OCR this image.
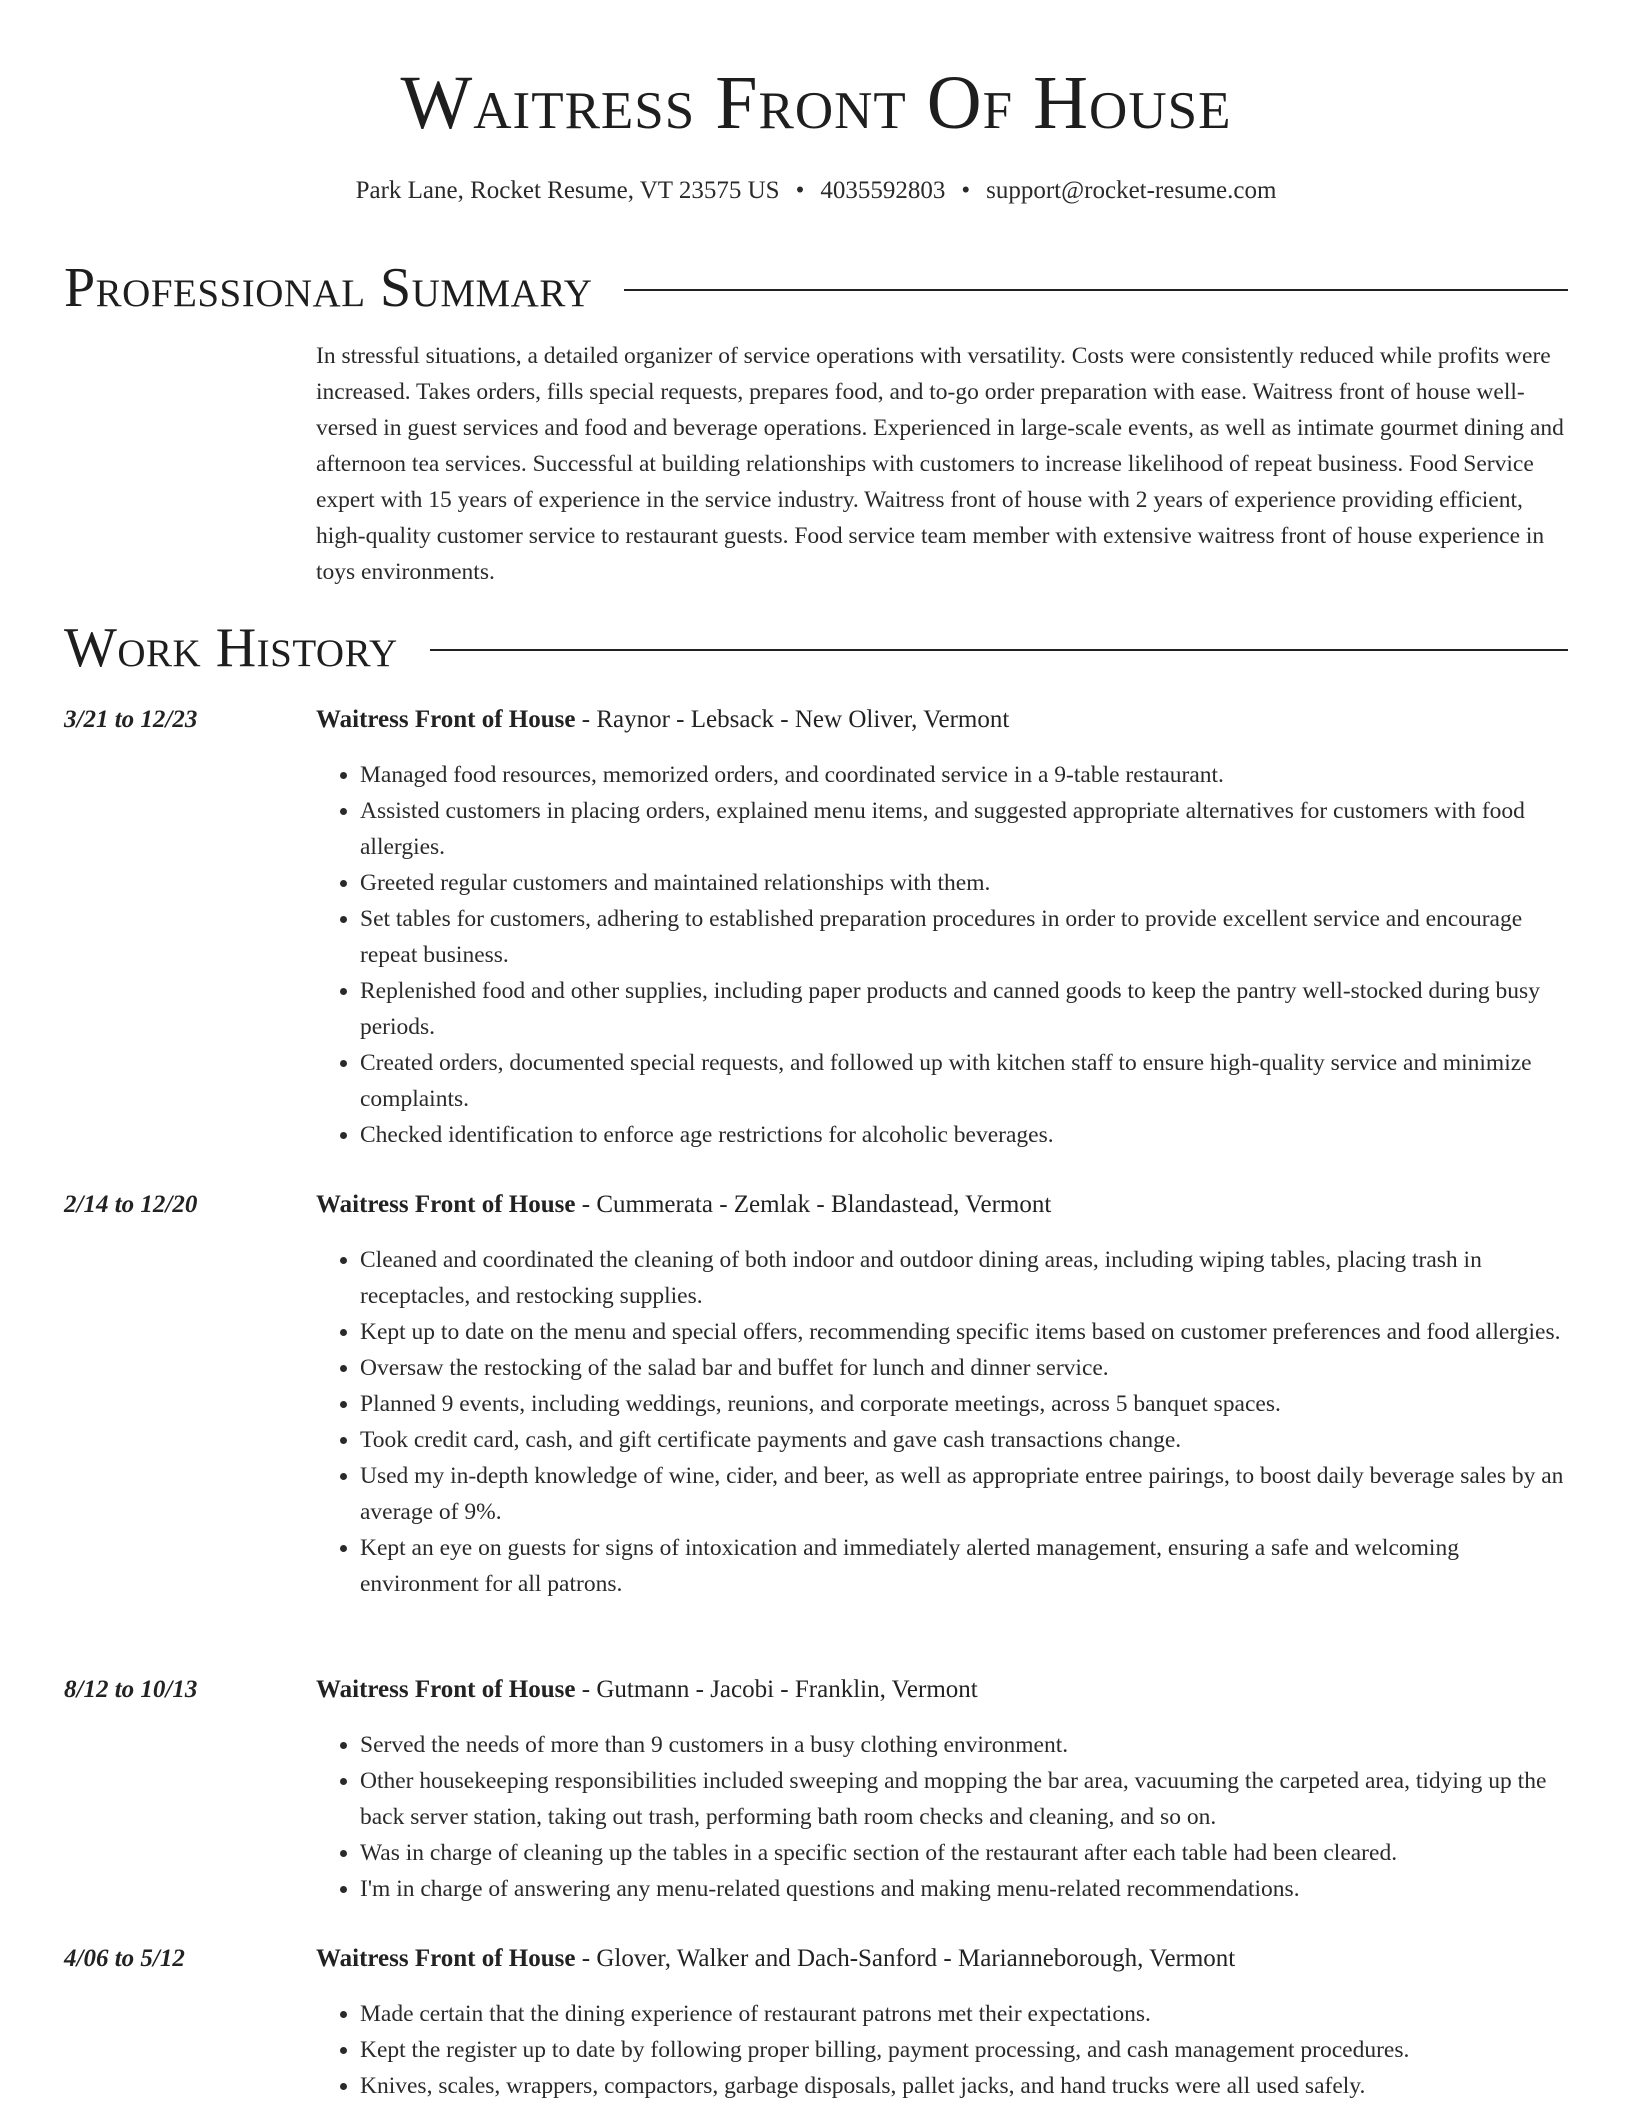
Waitress Front Of House
Park Lane, Rocket Resume, VT 23575 US • 4035592803 • support@rocket-resume.com
Professional Summary

In stressful situations, a detailed organizer of service operations with versatility. Costs were consistently reduced while profits were increased. Takes orders, fills special requests, prepares food, and to-go order preparation with ease. Waitress front of house well-versed in guest services and food and beverage operations. Experienced in large-scale events, as well as intimate gourmet dining and afternoon tea services. Successful at building relationships with customers to increase likelihood of repeat business. Food Service expert with 15 years of experience in the service industry. Waitress front of house with 2 years of experience providing efficient, high-quality customer service to restaurant guests. Food service team member with extensive waitress front of house experience in toys environments.

Work History
3/21 to 12/23	Waitress Front of House - Raynor - Lebsack - New Oliver, Vermont
• Managed food resources, memorized orders, and coordinated service in a 9-table restaurant.
• Assisted customers in placing orders, explained menu items, and suggested appropriate alternatives for customers with food allergies.
• Greeted regular customers and maintained relationships with them.
• Set tables for customers, adhering to established preparation procedures in order to provide excellent service and encourage repeat business.
• Replenished food and other supplies, including paper products and canned goods to keep the pantry well-stocked during busy periods.
• Created orders, documented special requests, and followed up with kitchen staff to ensure high-quality service and minimize complaints.
• Checked identification to enforce age restrictions for alcoholic beverages.
2/14 to 12/20	Waitress Front of House - Cummerata - Zemlak - Blandastead, Vermont
• Cleaned and coordinated the cleaning of both indoor and outdoor dining areas, including wiping tables, placing trash in receptacles, and restocking supplies.
• Kept up to date on the menu and special offers, recommending specific items based on customer preferences and food allergies.
• Oversaw the restocking of the salad bar and buffet for lunch and dinner service.
• Planned 9 events, including weddings, reunions, and corporate meetings, across 5 banquet spaces.
• Took credit card, cash, and gift certificate payments and gave cash transactions change.
• Used my in-depth knowledge of wine, cider, and beer, as well as appropriate entree pairings, to boost daily beverage sales by an average of 9%.
• Kept an eye on guests for signs of intoxication and immediately alerted management, ensuring a safe and welcoming environment for all patrons.
8/12 to 10/13	Waitress Front of House - Gutmann - Jacobi - Franklin, Vermont
• Served the needs of more than 9 customers in a busy clothing environment.
• Other housekeeping responsibilities included sweeping and mopping the bar area, vacuuming the carpeted area, tidying up the back server station, taking out trash, performing bath room checks and cleaning, and so on.
• Was in charge of cleaning up the tables in a specific section of the restaurant after each table had been cleared.
• I'm in charge of answering any menu-related questions and making menu-related recommendations.
4/06 to 5/12	Waitress Front of House - Glover, Walker and Dach-Sanford - Marianneborough, Vermont
• Made certain that the dining experience of restaurant patrons met their expectations.
• Kept the register up to date by following proper billing, payment processing, and cash management procedures.
• Knives, scales, wrappers, compactors, garbage disposals, pallet jacks, and hand trucks were all used safely.
